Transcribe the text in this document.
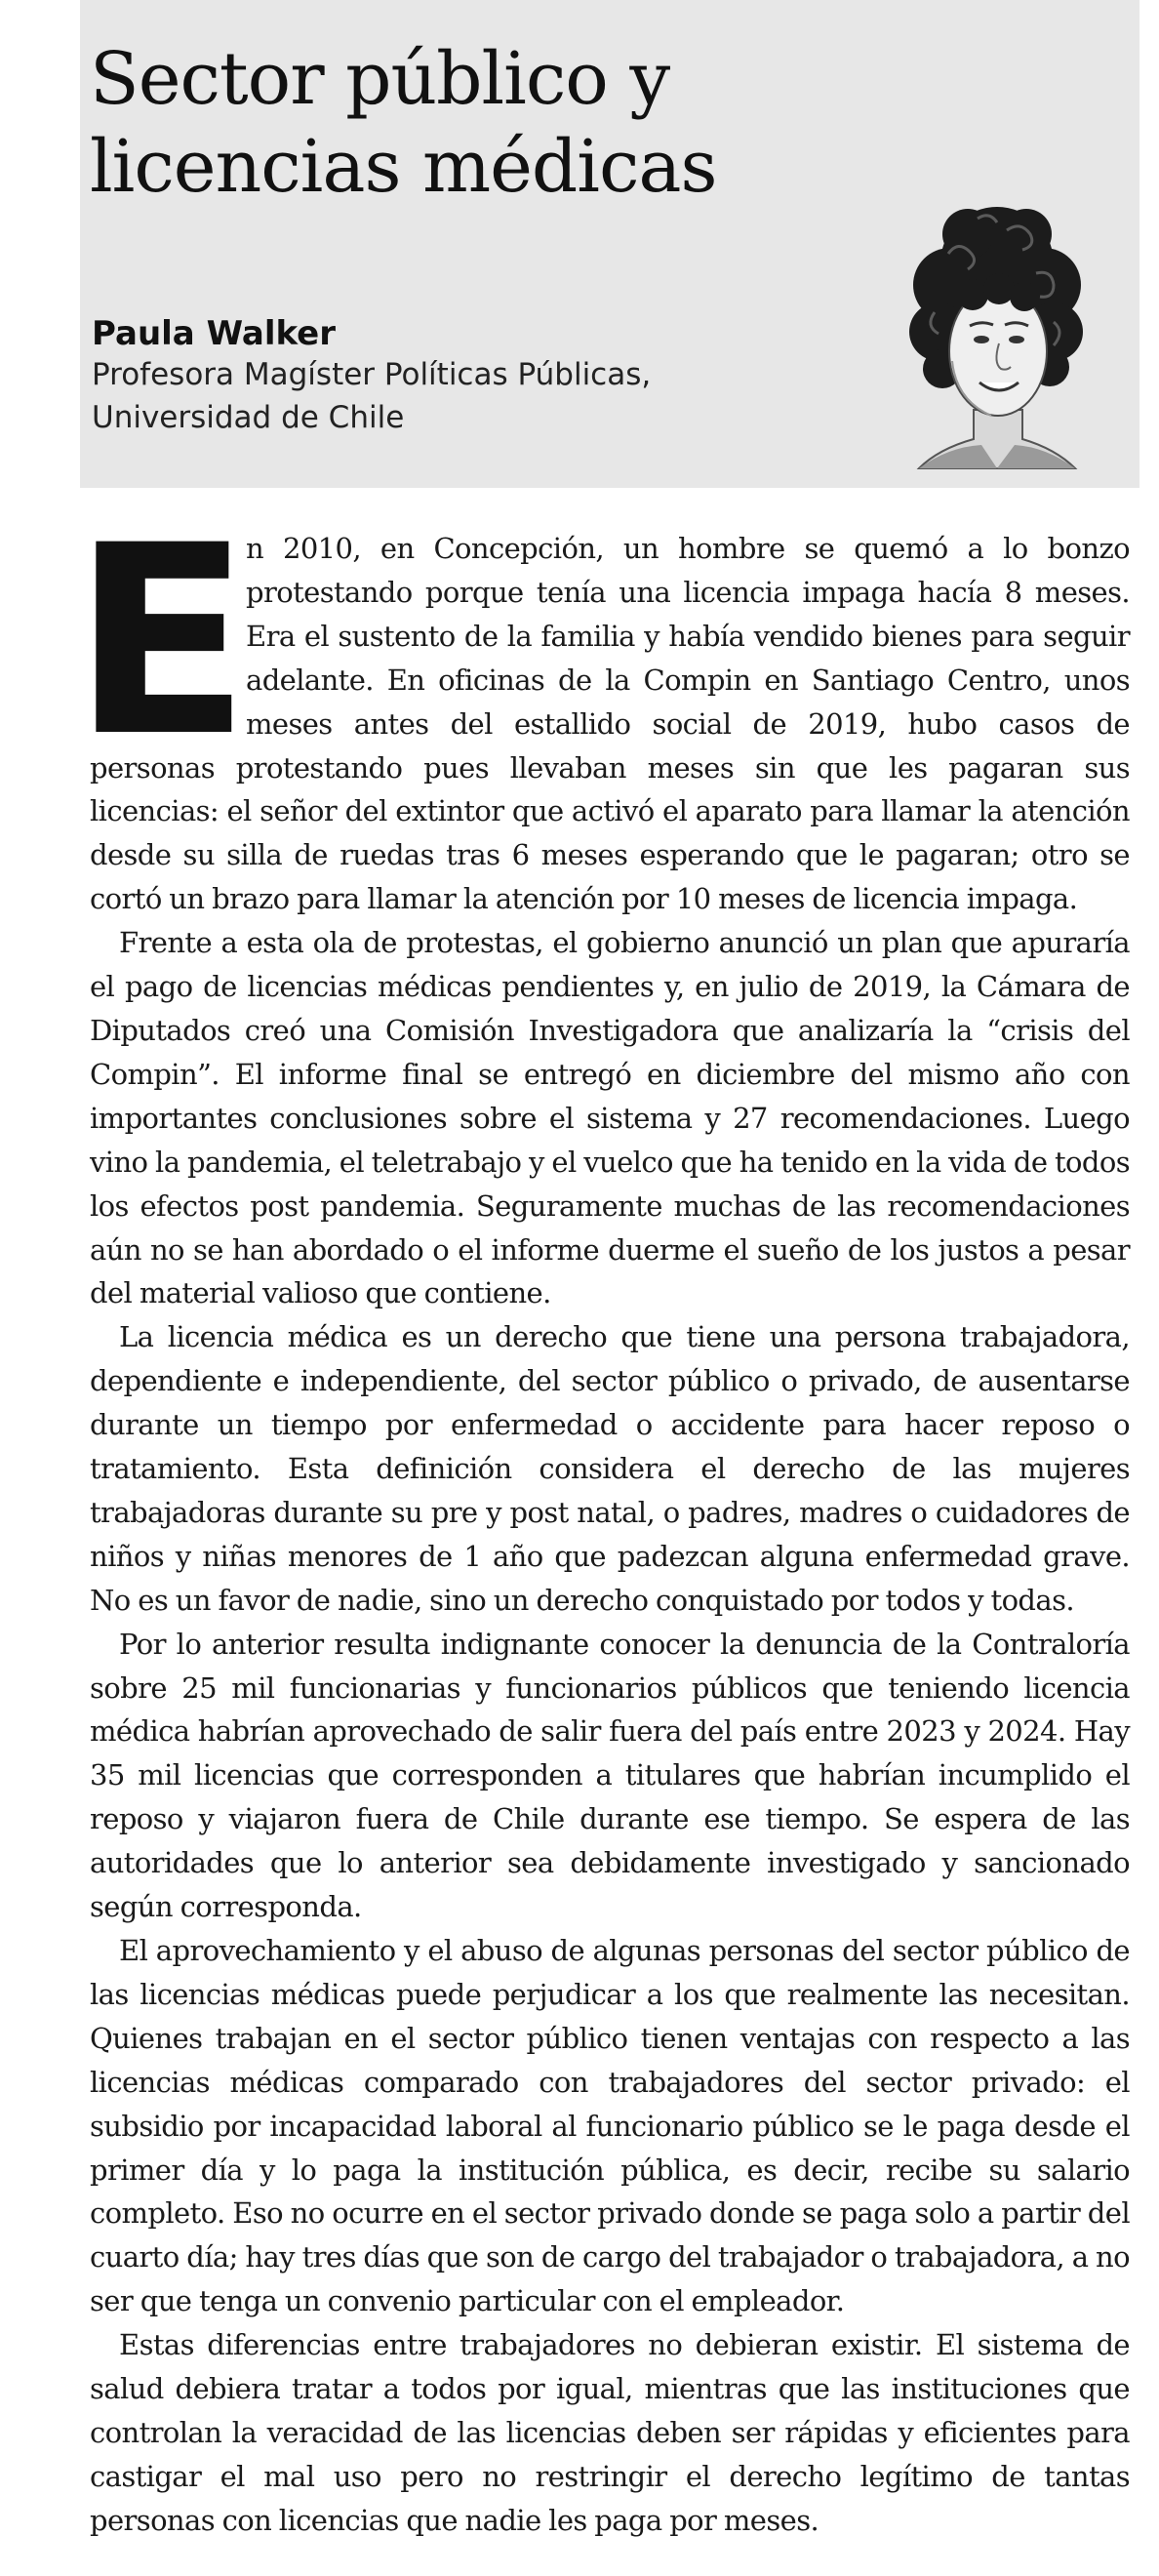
Sector público y
licencias médicas
Paula Walker
Profesora Magíster Políticas Públicas,
Universidad de Chile

E
n 2010, en Concepción, un hombre se quemó a lo bonzo protestando porque tenía una licencia impaga hacía 8 meses. Era el sustento de la familia y había vendido bienes para seguir adelante. En oficinas de la Compin en Santiago Centro, unos meses antes del estallido social de 2019, hubo casos de personas protestando pues llevaban meses sin que les pagaran sus licencias: el señor del extintor que activó el aparato para llamar la atención desde su silla de ruedas tras 6 meses esperando que le pagaran; otro se cortó un brazo para llamar la atención por 10 meses de licencia impaga.

Frente a esta ola de protestas, el gobierno anunció un plan que apuraría el pago de licencias médicas pendientes y, en julio de 2019, la Cámara de Diputados creó una Comisión Investigadora que analizaría la “crisis del Compin”. El informe final se entregó en diciembre del mismo año con importantes conclusiones sobre el sistema y 27 recomendaciones. Luego vino la pandemia, el teletrabajo y el vuelco que ha tenido en la vida de todos los efectos post pandemia. Seguramente muchas de las recomendaciones aún no se han abordado o el informe duerme el sueño de los justos a pesar del material valioso que contiene.

La licencia médica es un derecho que tiene una persona trabajadora, dependiente e independiente, del sector público o privado, de ausentarse durante un tiempo por enfermedad o accidente para hacer reposo o tratamiento. Esta definición considera el derecho de las mujeres trabajadoras durante su pre y post natal, o padres, madres o cuidadores de niños y niñas menores de 1 año que padezcan alguna enfermedad grave. No es un favor de nadie, sino un derecho conquistado por todos y todas.

Por lo anterior resulta indignante conocer la denuncia de la Contraloría sobre 25 mil funcionarias y funcionarios públicos que teniendo licencia médica habrían aprovechado de salir fuera del país entre 2023 y 2024. Hay 35 mil licencias que corresponden a titulares que habrían incumplido el reposo y viajaron fuera de Chile durante ese tiempo. Se espera de las autoridades que lo anterior sea debidamente investigado y sancionado según corresponda.

El aprovechamiento y el abuso de algunas personas del sector público de las licencias médicas puede perjudicar a los que realmente las necesitan. Quienes trabajan en el sector público tienen ventajas con respecto a las licencias médicas comparado con trabajadores del sector privado: el subsidio por incapacidad laboral al funcionario público se le paga desde el primer día y lo paga la institución pública, es decir, recibe su salario completo. Eso no ocurre en el sector privado donde se paga solo a partir del cuarto día; hay tres días que son de cargo del trabajador o trabajadora, a no ser que tenga un convenio particular con el empleador.

Estas diferencias entre trabajadores no debieran existir. El sistema de salud debiera tratar a todos por igual, mientras que las instituciones que controlan la veracidad de las licencias deben ser rápidas y eficientes para castigar el mal uso pero no restringir el derecho legítimo de tantas personas con licencias que nadie les paga por meses.
